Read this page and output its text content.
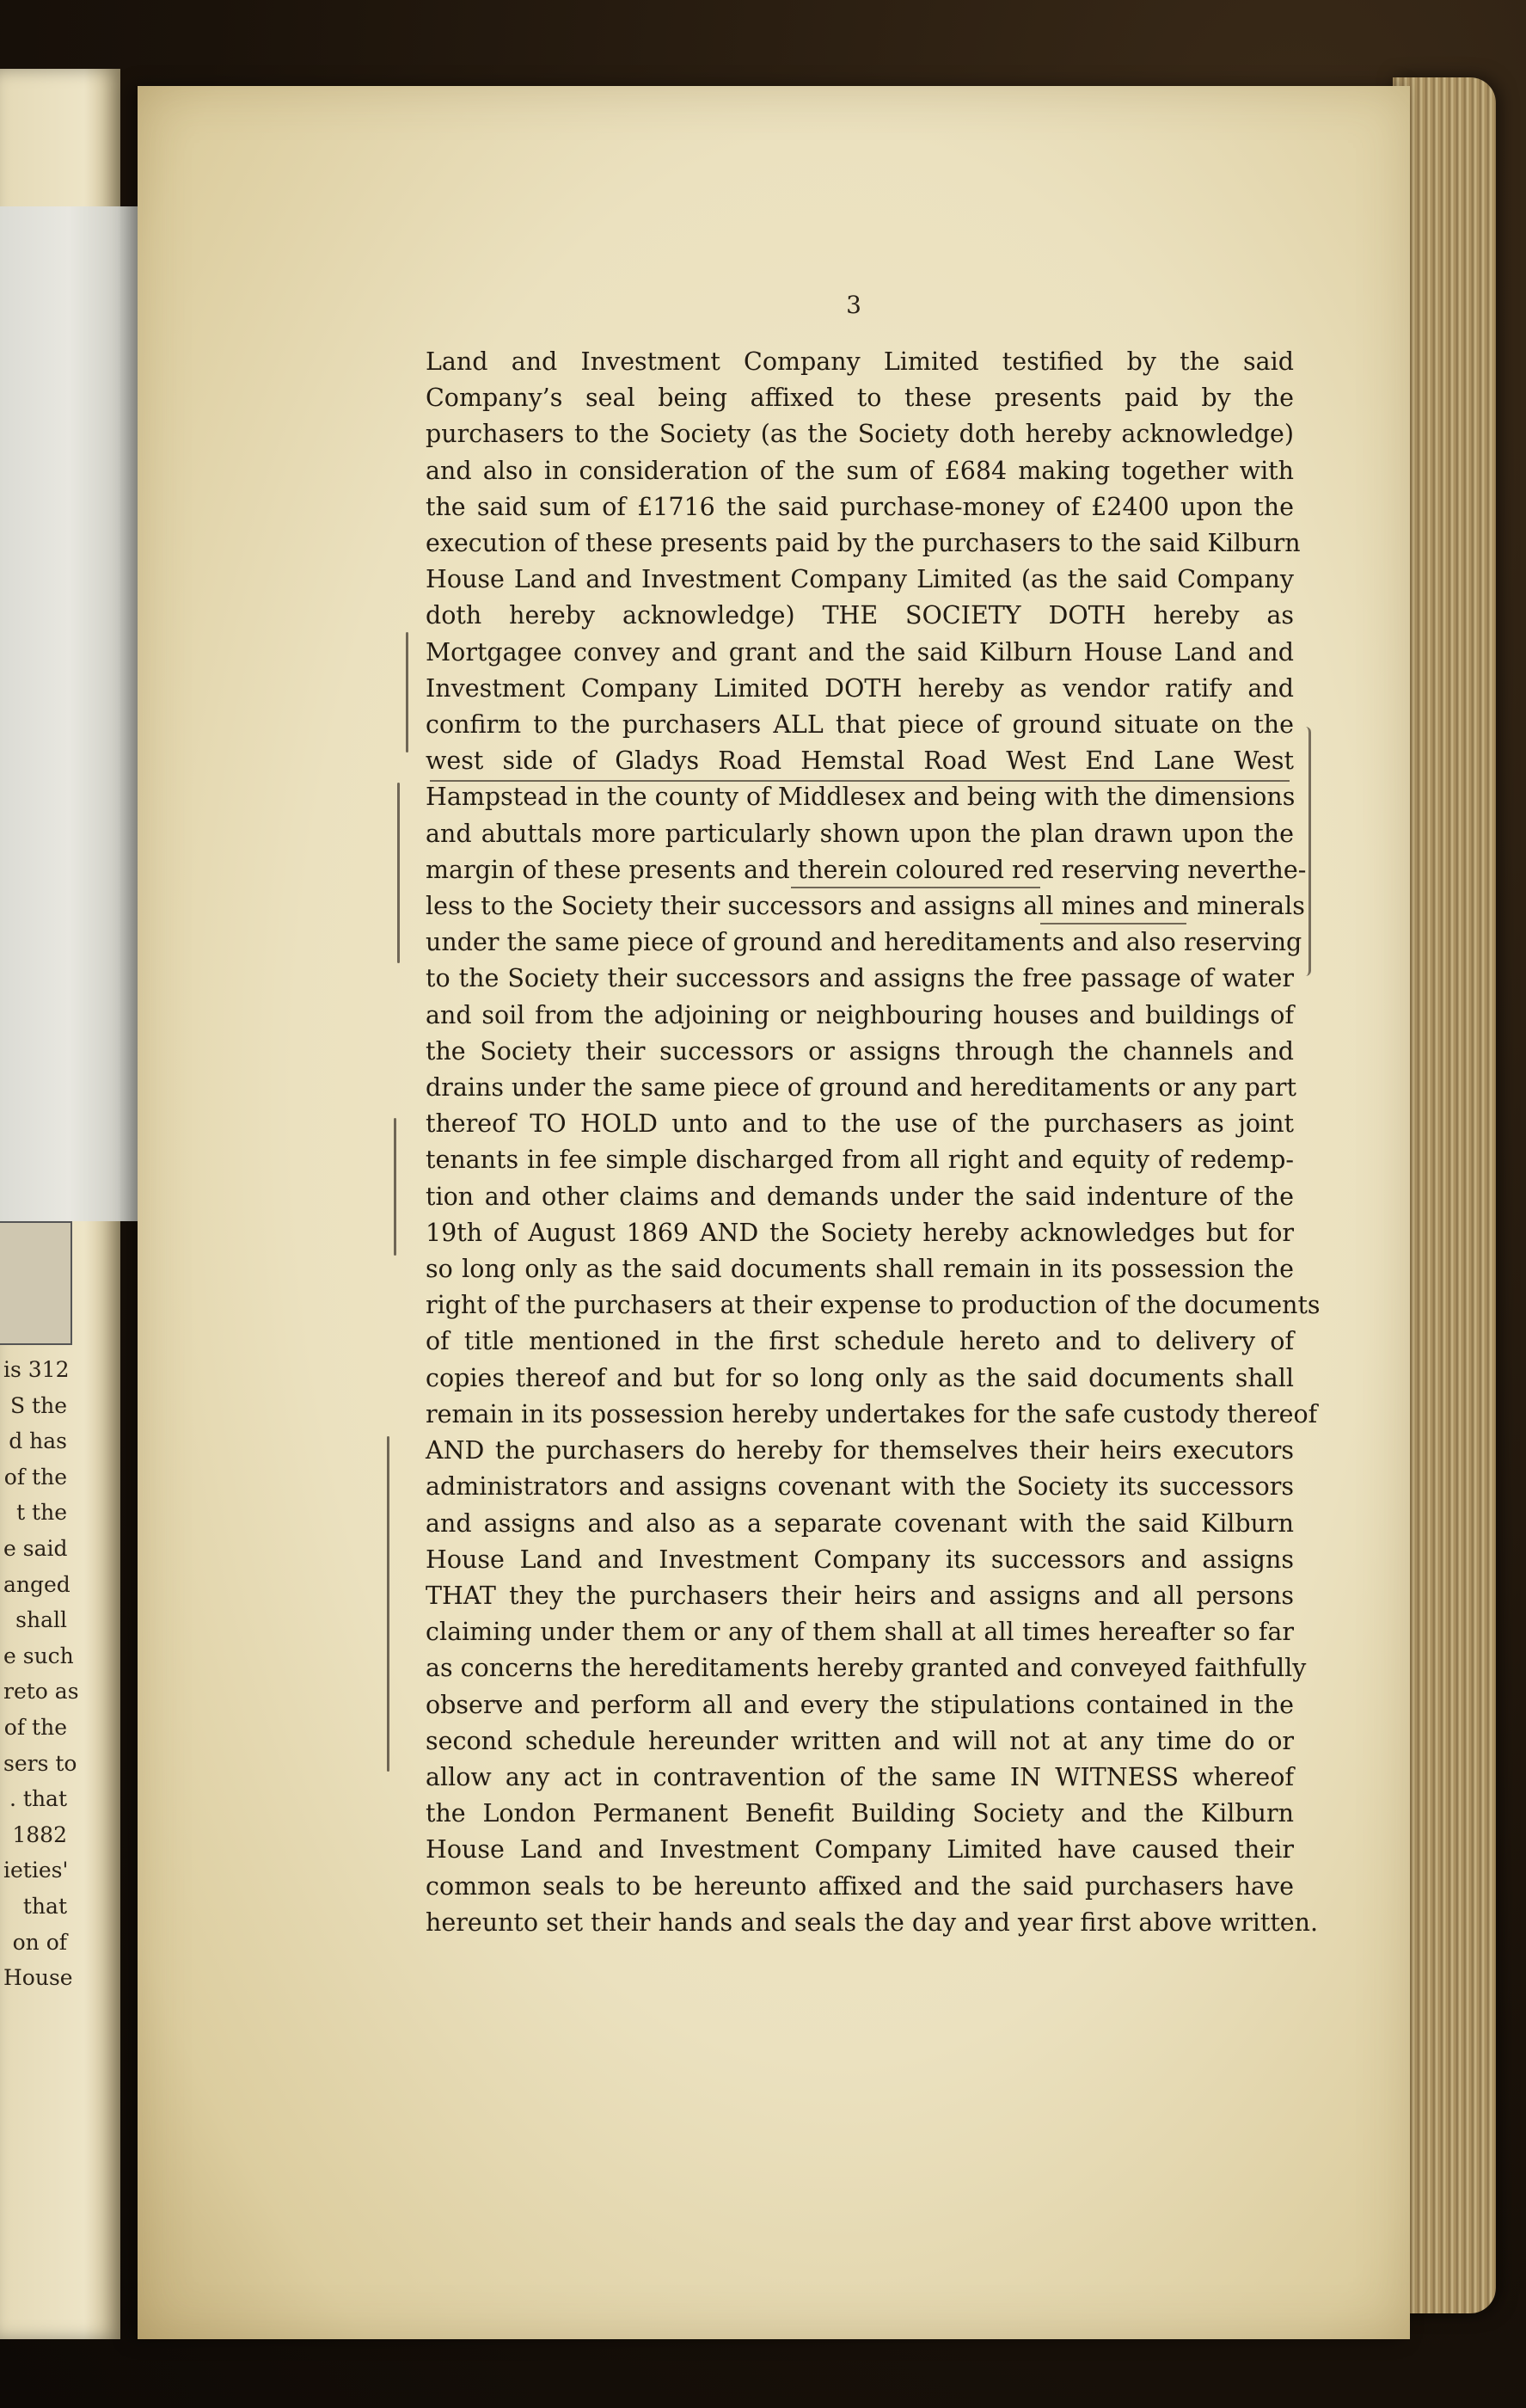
is 312
S the
d has
of the
t the
e said
anged
shall
e such
reto as
of the
sers to
. that
1882
ieties'
that
on of
House
3
Land and Investment Company Limited testified by the said
Company’s seal being affixed to these presents paid by the
purchasers to the Society (as the Society doth hereby acknowledge)
and also in consideration of the sum of £684 making together with
the said sum of £1716 the said purchase-money of £2400 upon the
execution of these presents paid by the purchasers to the said Kilburn
House Land and Investment Company Limited (as the said Company
doth hereby acknowledge) THE SOCIETY DOTH hereby as
Mortgagee convey and grant and the said Kilburn House Land and
Investment Company Limited DOTH hereby as vendor ratify and
confirm to the purchasers ALL that piece of ground situate on the
west side of Gladys Road Hemstal Road West End Lane West
Hampstead in the county of Middlesex and being with the dimensions
and abuttals more particularly shown upon the plan drawn upon the
margin of these presents and therein coloured red reserving neverthe-
less to the Society their successors and assigns all mines and minerals
under the same piece of ground and hereditaments and also reserving
to the Society their successors and assigns the free passage of water
and soil from the adjoining or neighbouring houses and buildings of
the Society their successors or assigns through the channels and
drains under the same piece of ground and hereditaments or any part
thereof TO HOLD unto and to the use of the purchasers as joint
tenants in fee simple discharged from all right and equity of redemp-
tion and other claims and demands under the said indenture of the
19th of August 1869 AND the Society hereby acknowledges but for
so long only as the said documents shall remain in its possession the
right of the purchasers at their expense to production of the documents
of title mentioned in the first schedule hereto and to delivery of
copies thereof and but for so long only as the said documents shall
remain in its possession hereby undertakes for the safe custody thereof
AND the purchasers do hereby for themselves their heirs executors
administrators and assigns covenant with the Society its successors
and assigns and also as a separate covenant with the said Kilburn
House Land and Investment Company its successors and assigns
THAT they the purchasers their heirs and assigns and all persons
claiming under them or any of them shall at all times hereafter so far
as concerns the hereditaments hereby granted and conveyed faithfully
observe and perform all and every the stipulations contained in the
second schedule hereunder written and will not at any time do or
allow any act in contravention of the same IN WITNESS whereof
the London Permanent Benefit Building Society and the Kilburn
House Land and Investment Company Limited have caused their
common seals to be hereunto affixed and the said purchasers have
hereunto set their hands and seals the day and year first above written.
